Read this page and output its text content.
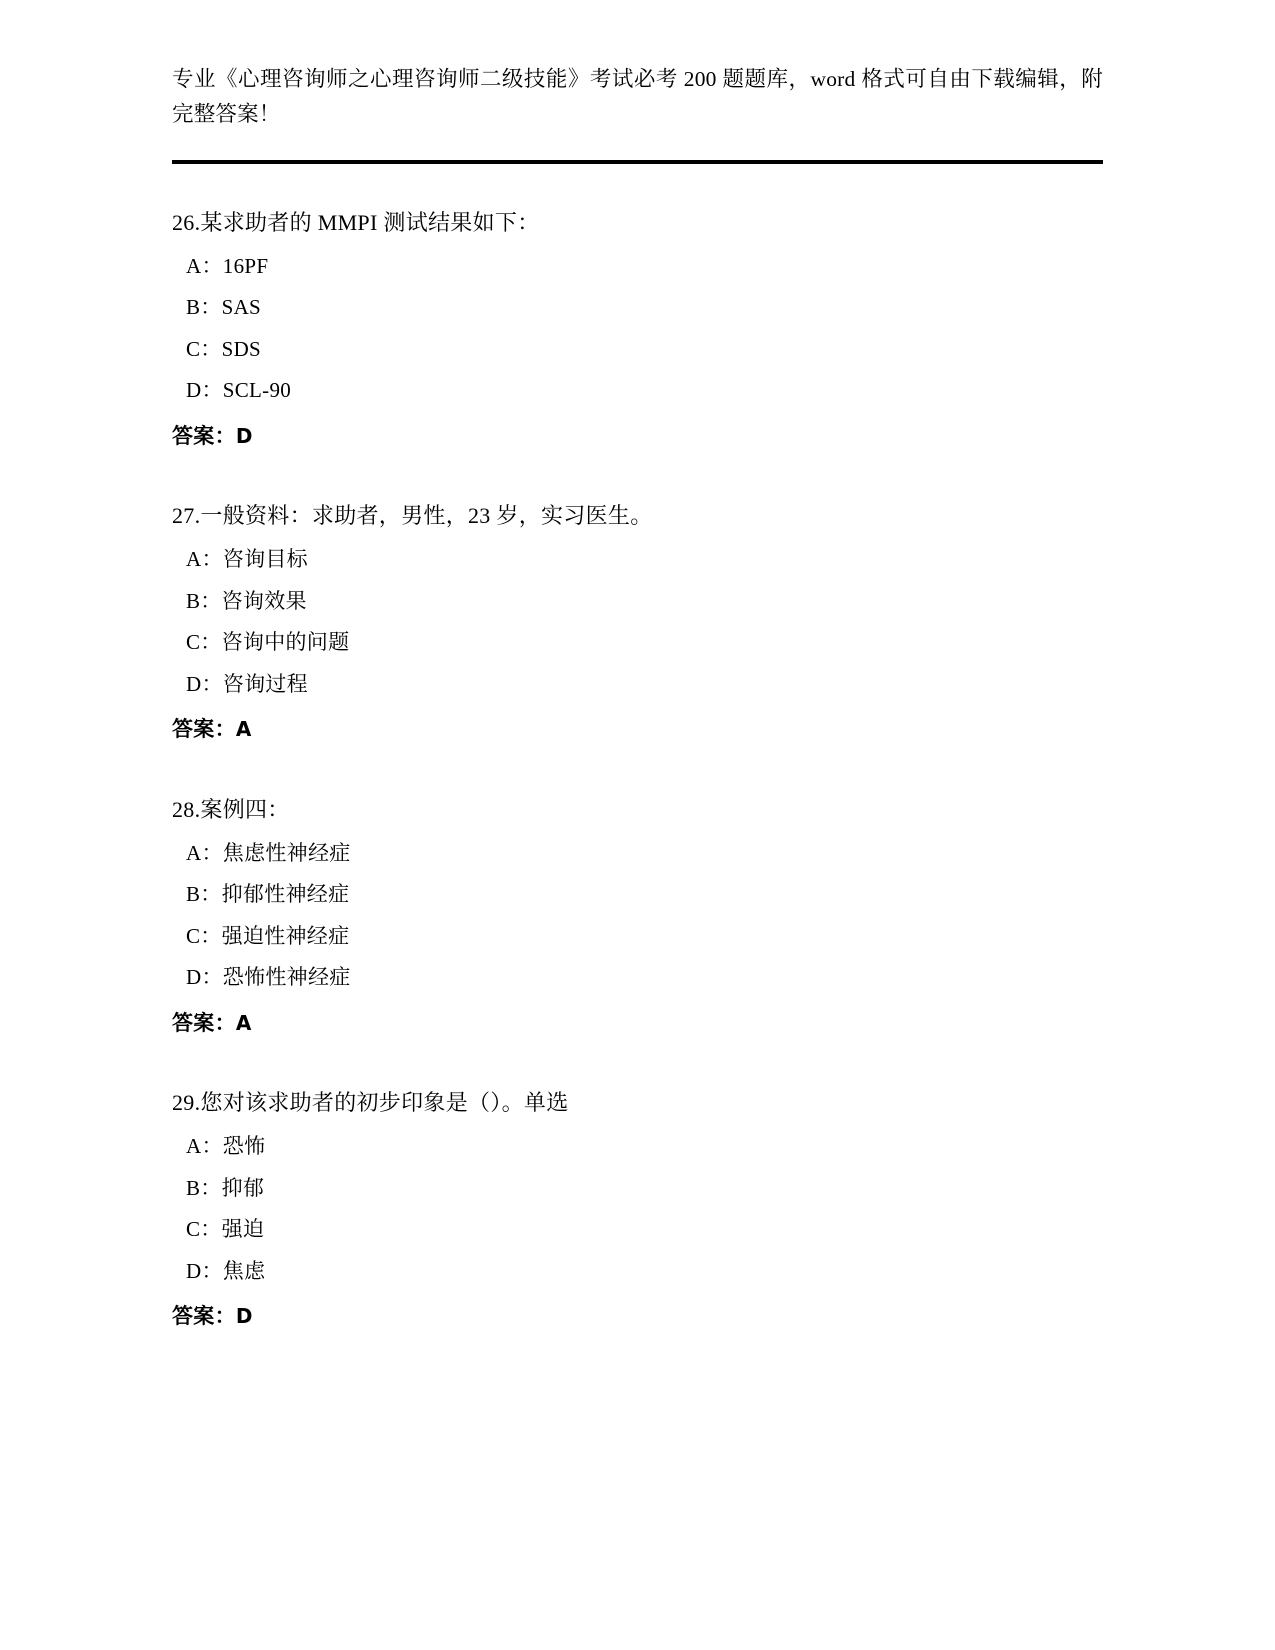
专业《心理咨询师之心理咨询师二级技能》考试必考 200 题题库，word 格式可自由下载编辑，附完整答案！
26.某求助者的 MMPI 测试结果如下：
A：16PF
B：SAS
C：SDS
D：SCL-90
答案：D
27.一般资料：求助者，男性，23 岁，实习医生。
A：咨询目标
B：咨询效果
C：咨询中的问题
D：咨询过程
答案：A
28.案例四：
A：焦虑性神经症
B：抑郁性神经症
C：强迫性神经症
D：恐怖性神经症
答案：A
29.您对该求助者的初步印象是（）。单选
A：恐怖
B：抑郁
C：强迫
D：焦虑
答案：D
